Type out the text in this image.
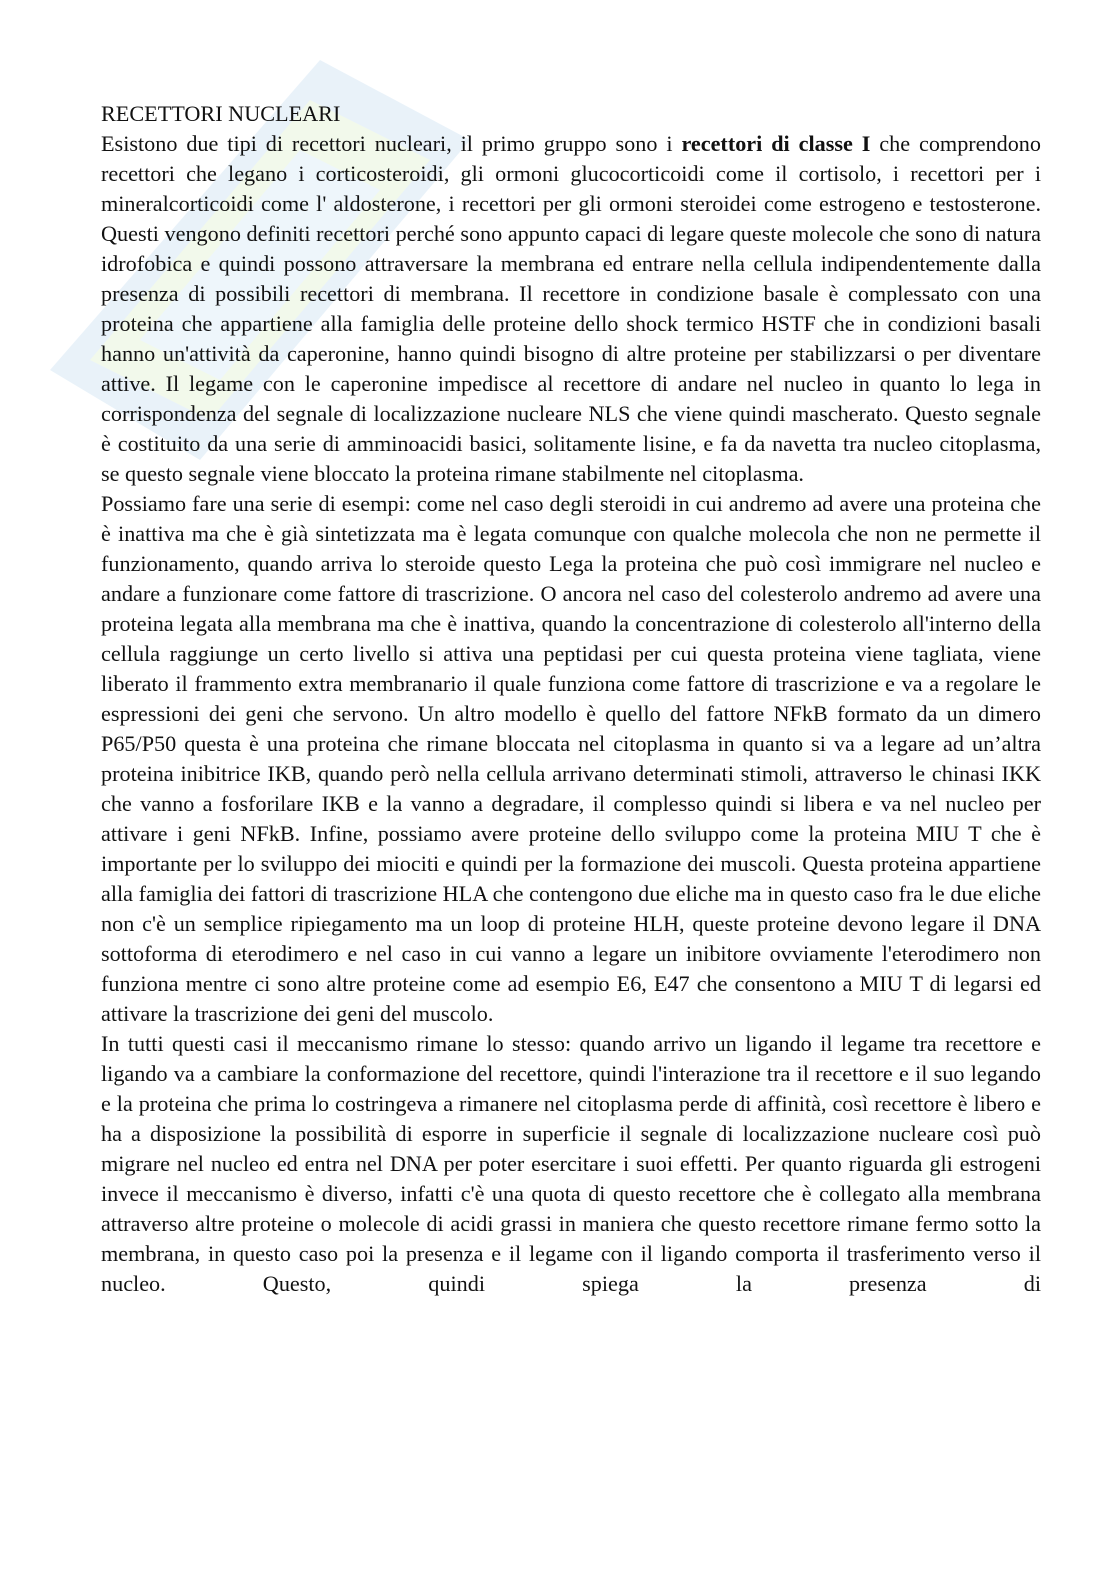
RECETTORI NUCLEARI

Esistono due tipi di recettori nucleari, il primo gruppo sono i recettori di classe I che comprendono recettori che legano i corticosteroidi, gli ormoni glucocorticoidi come il cortisolo, i recettori per i mineralcorticoidi come l' aldosterone, i recettori per gli ormoni steroidei come estrogeno e testosterone. Questi vengono definiti recettori perché sono appunto capaci di legare queste molecole che sono di natura idrofobica e quindi possono attraversare la membrana ed entrare nella cellula indipendentemente dalla presenza di possibili recettori di membrana. Il recettore in condizione basale è complessato con una proteina che appartiene alla famiglia delle proteine dello shock termico HSTF che in condizioni basali hanno un'attività da caperonine, hanno quindi bisogno di altre proteine per stabilizzarsi o per diventare attive. Il legame con le caperonine impedisce al recettore di andare nel nucleo in quanto lo lega in corrispondenza del segnale di localizzazione nucleare NLS che viene quindi mascherato. Questo segnale è costituito da una serie di amminoacidi basici, solitamente lisine, e fa da navetta tra nucleo citoplasma, se questo segnale viene bloccato la proteina rimane stabilmente nel citoplasma.

Possiamo fare una serie di esempi: come nel caso degli steroidi in cui andremo ad avere una proteina che è inattiva ma che è già sintetizzata ma è legata comunque con qualche molecola che non ne permette il funzionamento, quando arriva lo steroide questo Lega la proteina che può così immigrare nel nucleo e andare a funzionare come fattore di trascrizione. O ancora nel caso del colesterolo andremo ad avere una proteina legata alla membrana ma che è inattiva, quando la concentrazione di colesterolo all'interno della cellula raggiunge un certo livello si attiva una peptidasi per cui questa proteina viene tagliata, viene liberato il frammento extra membranario il quale funziona come fattore di trascrizione e va a regolare le espressioni dei geni che servono. Un altro modello è quello del fattore NFkB formato da un dimero P65/P50 questa è una proteina che rimane bloccata nel citoplasma in quanto si va a legare ad un’altra proteina inibitrice IKB, quando però nella cellula arrivano determinati stimoli, attraverso le chinasi IKK che vanno a fosforilare IKB e la vanno a degradare, il complesso quindi si libera e va nel nucleo per attivare i geni NFkB. Infine, possiamo avere proteine dello sviluppo come la proteina MIU T che è importante per lo sviluppo dei miociti e quindi per la formazione dei muscoli. Questa proteina appartiene alla famiglia dei fattori di trascrizione HLA che contengono due eliche ma in questo caso fra le due eliche non c'è un semplice ripiegamento ma un loop di proteine HLH, queste proteine devono legare il DNA sottoforma di eterodimero e nel caso in cui vanno a legare un inibitore ovviamente l'eterodimero non funziona mentre ci sono altre proteine come ad esempio E6, E47 che consentono a MIU T di legarsi ed attivare la trascrizione dei geni del muscolo.

In tutti questi casi il meccanismo rimane lo stesso: quando arrivo un ligando il legame tra recettore e ligando va a cambiare la conformazione del recettore, quindi l'interazione tra il recettore e il suo legando e la proteina che prima lo costringeva a rimanere nel citoplasma perde di affinità, così recettore è libero e ha a disposizione la possibilità di esporre in superficie il segnale di localizzazione nucleare così può migrare nel nucleo ed entra nel DNA per poter esercitare i suoi effetti. Per quanto riguarda gli estrogeni invece il meccanismo è diverso, infatti c'è una quota di questo recettore che è collegato alla membrana attraverso altre proteine o molecole di acidi grassi in maniera che questo recettore rimane fermo sotto la membrana, in questo caso poi la presenza e il legame con il ligando comporta il trasferimento verso il nucleo. Questo, quindi spiega la presenza di
